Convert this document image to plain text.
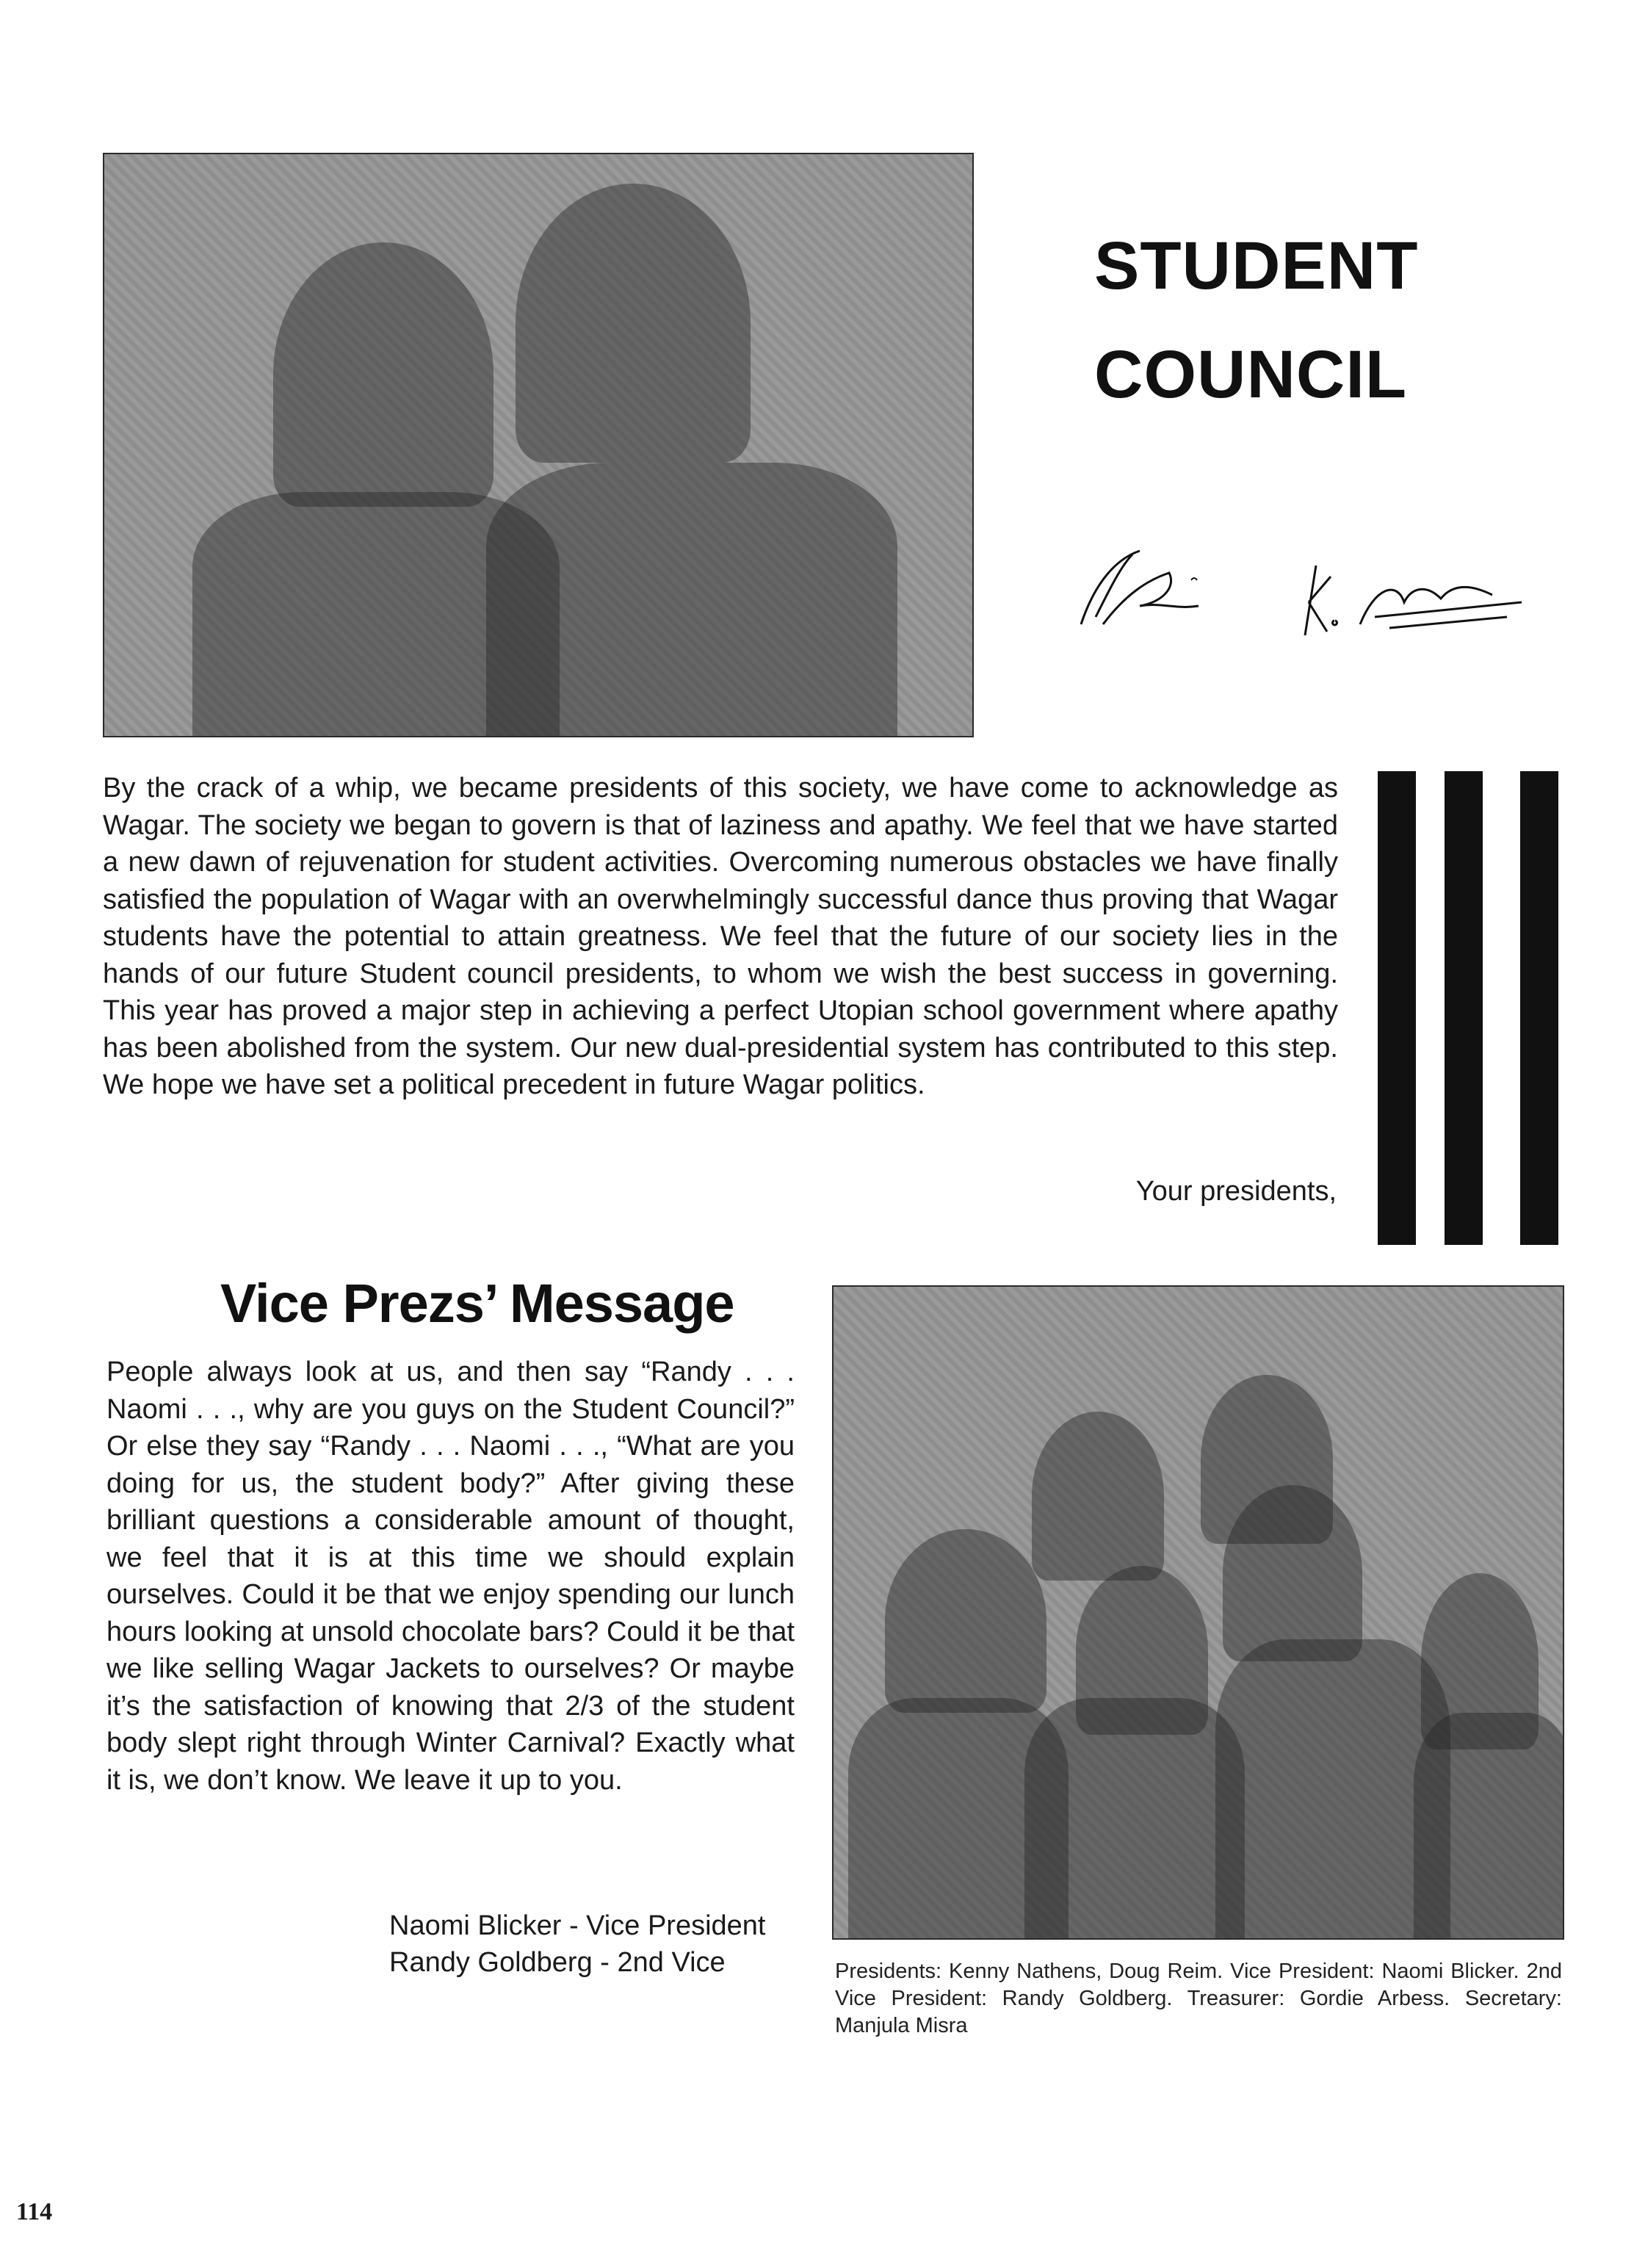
STUDENT
COUNCIL
By the crack of a whip, we became presidents of this society, we have come to acknowledge as Wagar. The society we began to govern is that of laziness and apathy. We feel that we have started a new dawn of rejuvenation for student activities. Overcoming numerous obstacles we have finally satisfied the population of Wagar with an overwhelmingly successful dance thus proving that Wagar students have the potential to attain greatness. We feel that the future of our society lies in the hands of our future Student council presidents, to whom we wish the best success in governing. This year has proved a major step in achieving a perfect Utopian school government where apathy has been abolished from the system. Our new dual-presidential system has contributed to this step. We hope we have set a political precedent in future Wagar politics.
Your presidents,
Vice Prezs’ Message
People always look at us, and then say “Randy . . . Naomi . . ., why are you guys on the Student Council?” Or else they say “Randy . . . Naomi . . ., “What are you doing for us, the student body?” After giving these brilliant questions a considerable amount of thought, we feel that it is at this time we should explain ourselves. Could it be that we enjoy spending our lunch hours looking at unsold chocolate bars? Could it be that we like selling Wagar Jackets to ourselves? Or maybe it’s the satisfaction of knowing that 2/3 of the student body slept right through Winter Carnival? Exactly what it is, we don’t know. We leave it up to you.
Naomi Blicker - Vice President
Randy Goldberg - 2nd Vice	Presidents: Kenny Nathens, Doug Reim. Vice President: Naomi Blicker. 2nd Vice President: Randy Goldberg. Treasurer: Gordie Arbess. Secretary: Manjula Misra
114
